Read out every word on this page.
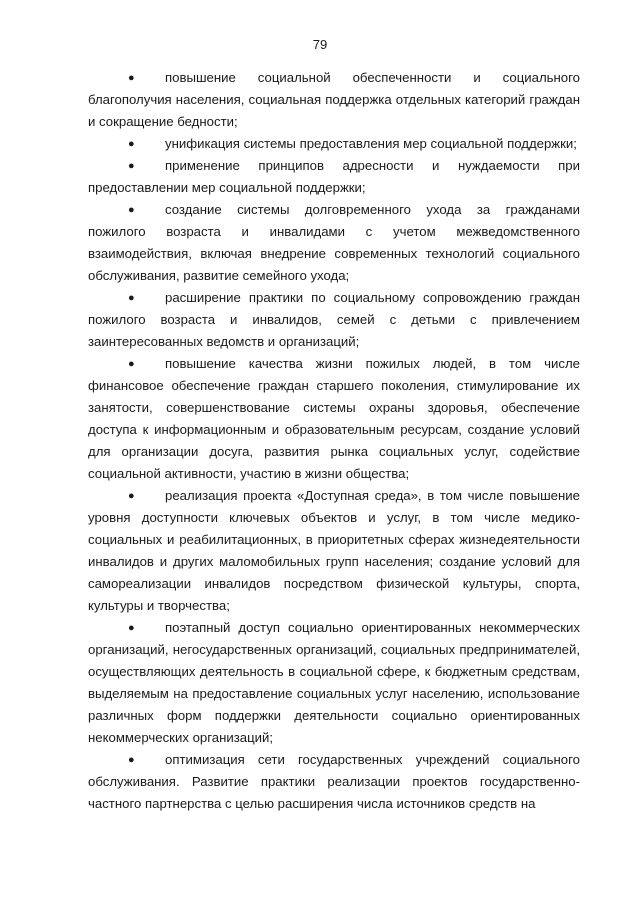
79

● повышение социальной обеспеченности и социального благополучия населения, социальная поддержка отдельных категорий граждан и сокращение бедности;

● унификация системы предоставления мер социальной поддержки;

● применение принципов адресности и нуждаемости при предоставлении мер социальной поддержки;

● создание системы долговременного ухода за гражданами пожилого возраста и инвалидами с учетом межведомственного взаимодействия, включая внедрение современных технологий социального обслуживания, развитие семейного ухода;

● расширение практики по социальному сопровождению граждан пожилого возраста и инвалидов, семей с детьми с привлечением заинтересованных ведомств и организаций;

● повышение качества жизни пожилых людей, в том числе финансовое обеспечение граждан старшего поколения, стимулирование их занятости, совершенствование системы охраны здоровья, обеспечение доступа к информационным и образовательным ресурсам, создание условий для организации досуга, развития рынка социальных услуг, содействие социальной активности, участию в жизни общества;

● реализация проекта «Доступная среда», в том числе повышение уровня доступности ключевых объектов и услуг, в том числе медико-социальных и реабилитационных, в приоритетных сферах жизнедеятельности инвалидов и других маломобильных групп населения; создание условий для самореализации инвалидов посредством физической культуры, спорта, культуры и творчества;

● поэтапный доступ социально ориентированных некоммерческих организаций, негосударственных организаций, социальных предпринимателей, осуществляющих деятельность в социальной сфере, к бюджетным средствам, выделяемым на предоставление социальных услуг населению, использование различных форм поддержки деятельности социально ориентированных некоммерческих организаций;

● оптимизация сети государственных учреждений социального обслуживания. Развитие практики реализации проектов государственно-частного партнерства с целью расширения числа источников средств на
